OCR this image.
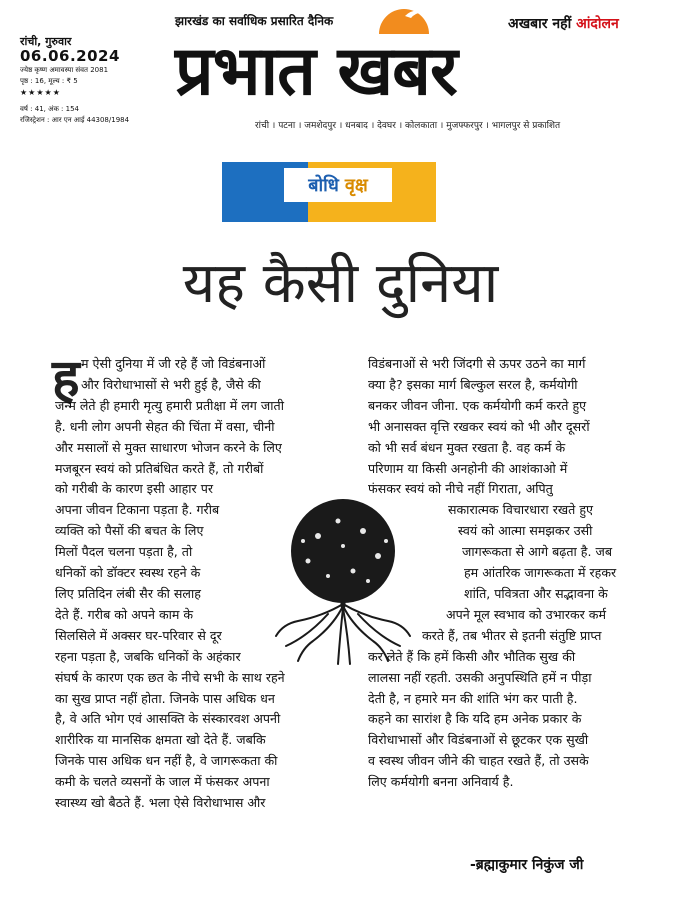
रांची, गुरुवार
06.06.2024
ज्येष्ठ कृष्ण अमावस्या संवत 2081
पृष्ठ : 16, मूल्य : ₹ 5
★★★★★
वर्ष : 41, अंक : 154
रजिस्ट्रेशन : आर एन आई 44308/1984
झारखंड का सर्वाधिक प्रसारित दैनिक
प्रभात खबर
अखबार नहीं आंदोलन
रांची । पटना । जमशेदपुर । धनबाद । देवघर । कोलकाता । मुजफ्फरपुर । भागलपुर से प्रकाशित
बोधि वृक्ष
यह कैसी दुनिया
ह म ऐसी दुनिया में जी रहे हैं जो विडंबनाओं
और विरोधाभासों से भरी हुई है, जैसे की
जन्म लेते ही हमारी मृत्यु हमारी प्रतीक्षा में लग जाती
है. धनी लोग अपनी सेहत की चिंता में वसा, चीनी
और मसालों से मुक्त साधारण भोजन करने के लिए
मजबूरन स्वयं को प्रतिबंधित करते हैं, तो गरीबों
को गरीबी के कारण इसी आहार पर
अपना जीवन टिकाना पड़ता है. गरीब
व्यक्ति को पैसों की बचत के लिए
मिलों पैदल चलना पड़ता है, तो
धनिकों को डॉक्टर स्वस्थ रहने के
लिए प्रतिदिन लंबी सैर की सलाह
देते हैं. गरीब को अपने काम के
सिलसिले में अक्सर घर-परिवार से दूर
रहना पड़ता है, जबकि धनिकों के अहंकार
संघर्ष के कारण एक छत के नीचे सभी के साथ रहने
का सुख प्राप्त नहीं होता. जिनके पास अधिक धन
है, वे अति भोग एवं आसक्ति के संस्कारवश अपनी
शारीरिक या मानसिक क्षमता खो देते हैं. जबकि
जिनके पास अधिक धन नहीं है, वे जागरूकता की
कमी के चलते व्यसनों के जाल में फंसकर अपना
स्वास्थ्य खो बैठते हैं. भला ऐसे विरोधाभास और
विडंबनाओं से भरी जिंदगी से ऊपर उठने का मार्ग
क्या है? इसका मार्ग बिल्कुल सरल है, कर्मयोगी
बनकर जीवन जीना. एक कर्मयोगी कर्म करते हुए
भी अनासक्त वृत्ति रखकर स्वयं को भी और दूसरों
को भी सर्व बंधन मुक्त रखता है. वह कर्म के
परिणाम या किसी अनहोनी की आशंकाओ में
फंसकर स्वयं को नीचे नहीं गिराता, अपितु
सकारात्मक विचारधारा रखते हुए
स्वयं को आत्मा समझकर उसी
जागरूकता से आगे बढ़ता है. जब
हम आंतरिक जागरूकता में रहकर
शांति, पवित्रता और सद्भावना के
अपने मूल स्वभाव को उभारकर कर्म
करते हैं, तब भीतर से इतनी संतुष्टि प्राप्त
कर लेते हैं कि हमें किसी और भौतिक सुख की
लालसा नहीं रहती. उसकी अनुपस्थिति हमें न पीड़ा
देती है, न हमारे मन की शांति भंग कर पाती है.
कहने का सारांश है कि यदि हम अनेक प्रकार के
विरोधाभासों और विडंबनाओं से छूटकर एक सुखी
व स्वस्थ जीवन जीने की चाहत रखते हैं, तो उसके
लिए कर्मयोगी बनना अनिवार्य है.
-ब्रह्माकुमार निकुंज जी
